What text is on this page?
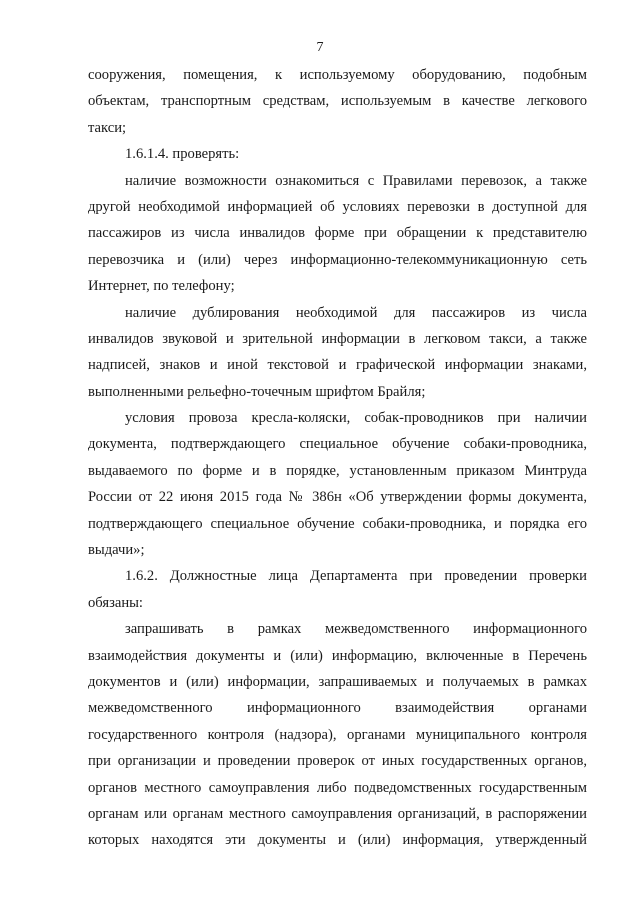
7
сооружения, помещения, к используемому оборудованию, подобным
объектам, транспортным средствам, используемым в качестве легкового
такси;
1.6.1.4. проверять:
наличие возможности ознакомиться с Правилами перевозок, а также
другой необходимой информацией об условиях перевозки в доступной для
пассажиров из числа инвалидов форме при обращении к представителю
перевозчика и (или) через информационно-телекоммуникационную сеть
Интернет, по телефону;
наличие дублирования необходимой для пассажиров из числа
инвалидов звуковой и зрительной информации в легковом такси, а также
надписей, знаков и иной текстовой и графической информации знаками,
выполненными рельефно-точечным шрифтом Брайля;
условия провоза кресла-коляски, собак-проводников при наличии
документа, подтверждающего специальное обучение собаки-проводника,
выдаваемого по форме и в порядке, установленным приказом Минтруда
России от 22 июня 2015 года № 386н «Об утверждении формы документа,
подтверждающего специальное обучение собаки-проводника, и порядка его
выдачи»;
1.6.2. Должностные лица Департамента при проведении проверки
обязаны:
запрашивать в рамках межведомственного информационного
взаимодействия документы и (или) информацию, включенные в Перечень
документов и (или) информации, запрашиваемых и получаемых в рамках
межведомственного информационного взаимодействия органами
государственного контроля (надзора), органами муниципального контроля
при организации и проведении проверок от иных государственных органов,
органов местного самоуправления либо подведомственных государственным
органам или органам местного самоуправления организаций, в распоряжении
которых находятся эти документы и (или) информация, утвержденный
